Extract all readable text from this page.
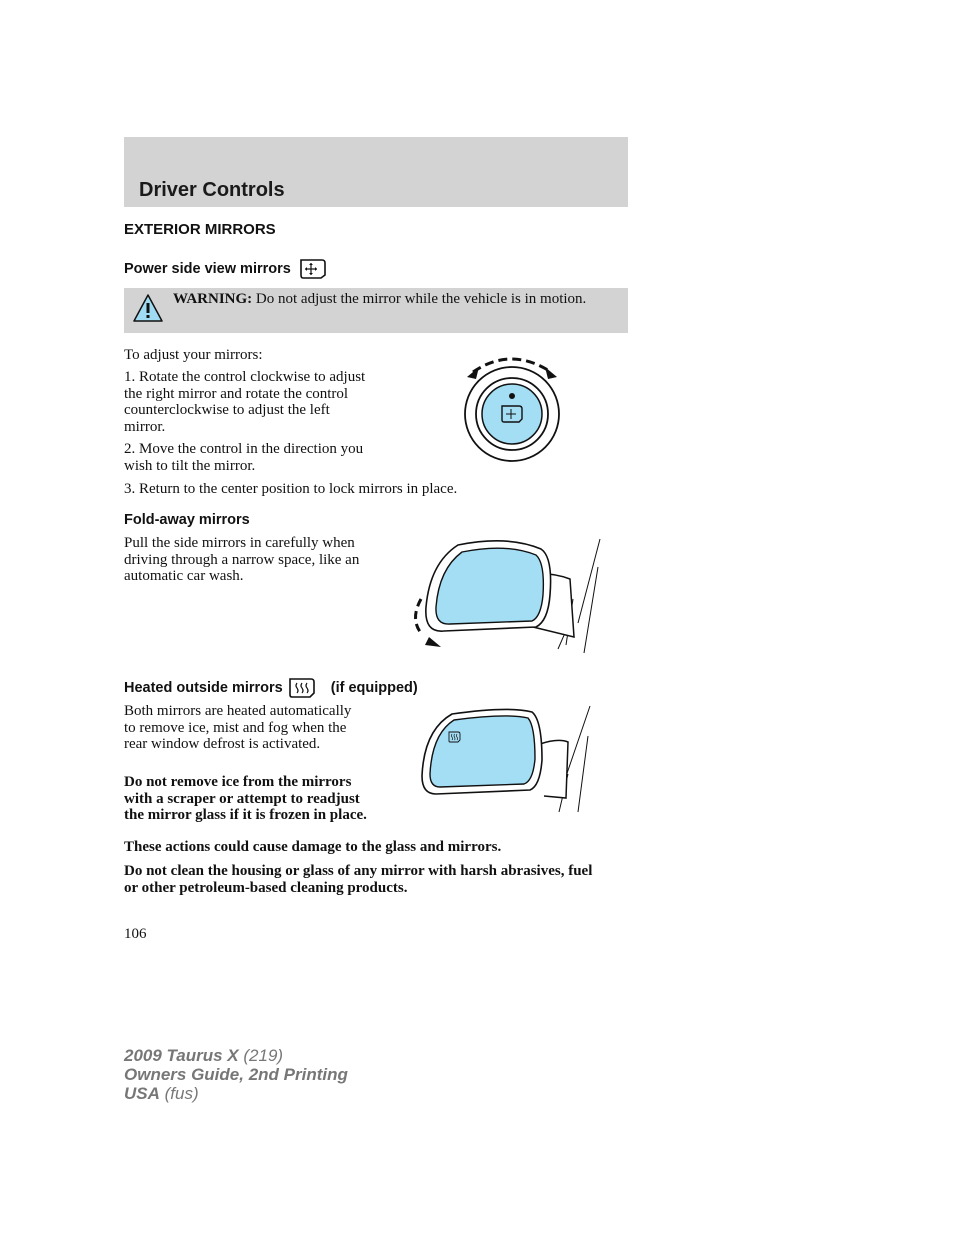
Driver Controls
EXTERIOR MIRRORS
Power side view mirrors
WARNING: Do not adjust the mirror while the vehicle is in motion.

To adjust your mirrors:

1. Rotate the control clockwise to adjust the right mirror and rotate the control counterclockwise to adjust the left mirror.

2. Move the control in the direction you wish to tilt the mirror.

3. Return to the center position to lock mirrors in place.

Fold-away mirrors

Pull the side mirrors in carefully when driving through a narrow space, like an automatic car wash.

Heated outside mirrors	(if equipped)

Both mirrors are heated automatically to remove ice, mist and fog when the rear window defrost is activated.

Do not remove ice from the mirrors with a scraper or attempt to readjust the mirror glass if it is frozen in place.

These actions could cause damage to the glass and mirrors.

Do not clean the housing or glass of any mirror with harsh abrasives, fuel or other petroleum-based cleaning products.

106
2009 Taurus X (219)
Owners Guide, 2nd Printing
USA (fus)
